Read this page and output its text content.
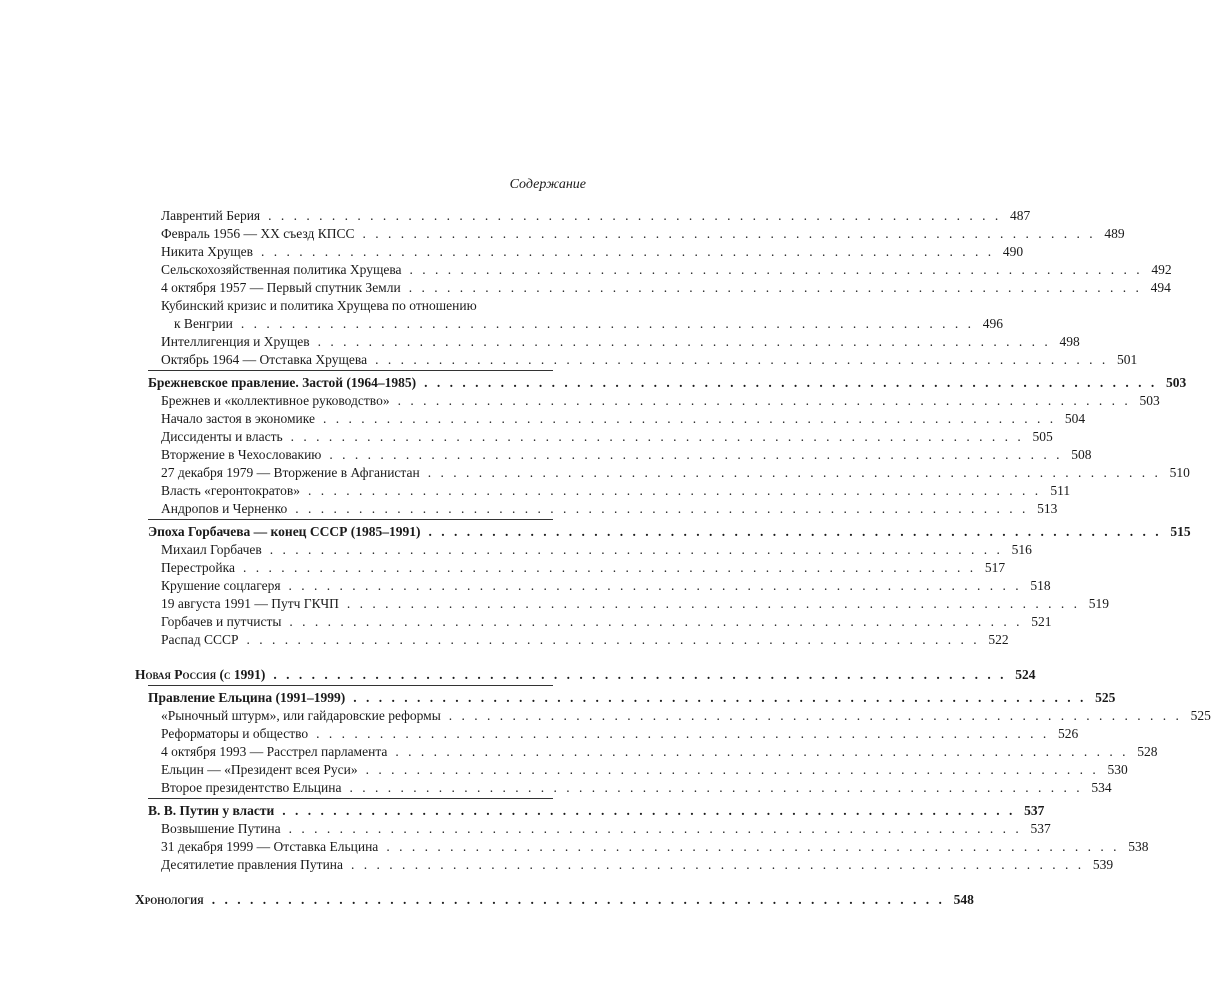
Содержание
Лаврентий Берия . . . . . . . . . . . . . . . . . . . . . . . . . . . . . . . . . . . . . . . . . . . . . . . . . . . . . . . . . . 487
Февраль 1956 — XX съезд КПСС . . . . . . . . . . . . . . . . . . . . . . . . . . . . . . . . . . . . . . . . . . . . . . . . . . . . . . . . . . 489
Никита Хрущев . . . . . . . . . . . . . . . . . . . . . . . . . . . . . . . . . . . . . . . . . . . . . . . . . . . . . . . . . . 490
Сельскохозяйственная политика Хрущева . . . . . . . . . . . . . . . . . . . . . . . . . . . . . . . . . . . . . . . . . . . . . . . . . . . . . . . . . . 492
4 октября 1957 — Первый спутник Земли . . . . . . . . . . . . . . . . . . . . . . . . . . . . . . . . . . . . . . . . . . . . . . . . . . . . . . . . . . 494
Кубинский кризис и политика Хрущева по отношению
к Венгрии . . . . . . . . . . . . . . . . . . . . . . . . . . . . . . . . . . . . . . . . . . . . . . . . . . . . . . . . . . 496
Интеллигенция и Хрущев . . . . . . . . . . . . . . . . . . . . . . . . . . . . . . . . . . . . . . . . . . . . . . . . . . . . . . . . . . 498
Октябрь 1964 — Отставка Хрущева . . . . . . . . . . . . . . . . . . . . . . . . . . . . . . . . . . . . . . . . . . . . . . . . . . . . . . . . . . 501
Брежневское правление. Застой (1964–1985) . . . . . . . . . . . . . . . . . . . . . . . . . . . . . . . . . . . . . . . . . . . . . . . . . . . . . . . . . . 503
Брежнев и «коллективное руководство» . . . . . . . . . . . . . . . . . . . . . . . . . . . . . . . . . . . . . . . . . . . . . . . . . . . . . . . . . . 503
Начало застоя в экономике . . . . . . . . . . . . . . . . . . . . . . . . . . . . . . . . . . . . . . . . . . . . . . . . . . . . . . . . . . 504
Диссиденты и власть . . . . . . . . . . . . . . . . . . . . . . . . . . . . . . . . . . . . . . . . . . . . . . . . . . . . . . . . . . 505
Вторжение в Чехословакию . . . . . . . . . . . . . . . . . . . . . . . . . . . . . . . . . . . . . . . . . . . . . . . . . . . . . . . . . . 508
27 декабря 1979 — Вторжение в Афганистан . . . . . . . . . . . . . . . . . . . . . . . . . . . . . . . . . . . . . . . . . . . . . . . . . . . . . . . . . . 510
Власть «геронтократов» . . . . . . . . . . . . . . . . . . . . . . . . . . . . . . . . . . . . . . . . . . . . . . . . . . . . . . . . . . 511
Андропов и Черненко . . . . . . . . . . . . . . . . . . . . . . . . . . . . . . . . . . . . . . . . . . . . . . . . . . . . . . . . . . 513
Эпоха Горбачева — конец СССР (1985–1991) . . . . . . . . . . . . . . . . . . . . . . . . . . . . . . . . . . . . . . . . . . . . . . . . . . . . . . . . . . 515
Михаил Горбачев . . . . . . . . . . . . . . . . . . . . . . . . . . . . . . . . . . . . . . . . . . . . . . . . . . . . . . . . . . 516
Перестройка . . . . . . . . . . . . . . . . . . . . . . . . . . . . . . . . . . . . . . . . . . . . . . . . . . . . . . . . . . 517
Крушение соцлагеря . . . . . . . . . . . . . . . . . . . . . . . . . . . . . . . . . . . . . . . . . . . . . . . . . . . . . . . . . . 518
19 августа 1991 — Путч ГКЧП . . . . . . . . . . . . . . . . . . . . . . . . . . . . . . . . . . . . . . . . . . . . . . . . . . . . . . . . . . 519
Горбачев и путчисты . . . . . . . . . . . . . . . . . . . . . . . . . . . . . . . . . . . . . . . . . . . . . . . . . . . . . . . . . . 521
Распад СССР . . . . . . . . . . . . . . . . . . . . . . . . . . . . . . . . . . . . . . . . . . . . . . . . . . . . . . . . . . 522
Новая Россия (с 1991) . . . . . . . . . . . . . . . . . . . . . . . . . . . . . . . . . . . . . . . . . . . . . . . . . . . . . . . . . . 524
Правление Ельцина (1991–1999) . . . . . . . . . . . . . . . . . . . . . . . . . . . . . . . . . . . . . . . . . . . . . . . . . . . . . . . . . . 525
«Рыночный штурм», или гайдаровские реформы . . . . . . . . . . . . . . . . . . . . . . . . . . . . . . . . . . . . . . . . . . . . . . . . . . . . . . . . . . 525
Реформаторы и общество . . . . . . . . . . . . . . . . . . . . . . . . . . . . . . . . . . . . . . . . . . . . . . . . . . . . . . . . . . 526
4 октября 1993 — Расстрел парламента . . . . . . . . . . . . . . . . . . . . . . . . . . . . . . . . . . . . . . . . . . . . . . . . . . . . . . . . . . 528
Ельцин — «Президент всея Руси» . . . . . . . . . . . . . . . . . . . . . . . . . . . . . . . . . . . . . . . . . . . . . . . . . . . . . . . . . . 530
Второе президентство Ельцина . . . . . . . . . . . . . . . . . . . . . . . . . . . . . . . . . . . . . . . . . . . . . . . . . . . . . . . . . . 534
В. В. Путин у власти . . . . . . . . . . . . . . . . . . . . . . . . . . . . . . . . . . . . . . . . . . . . . . . . . . . . . . . . . . 537
Возвышение Путина . . . . . . . . . . . . . . . . . . . . . . . . . . . . . . . . . . . . . . . . . . . . . . . . . . . . . . . . . . 537
31 декабря 1999 — Отставка Ельцина . . . . . . . . . . . . . . . . . . . . . . . . . . . . . . . . . . . . . . . . . . . . . . . . . . . . . . . . . . 538
Десятилетие правления Путина . . . . . . . . . . . . . . . . . . . . . . . . . . . . . . . . . . . . . . . . . . . . . . . . . . . . . . . . . . 539
Хронология . . . . . . . . . . . . . . . . . . . . . . . . . . . . . . . . . . . . . . . . . . . . . . . . . . . . . . . . . . 548
